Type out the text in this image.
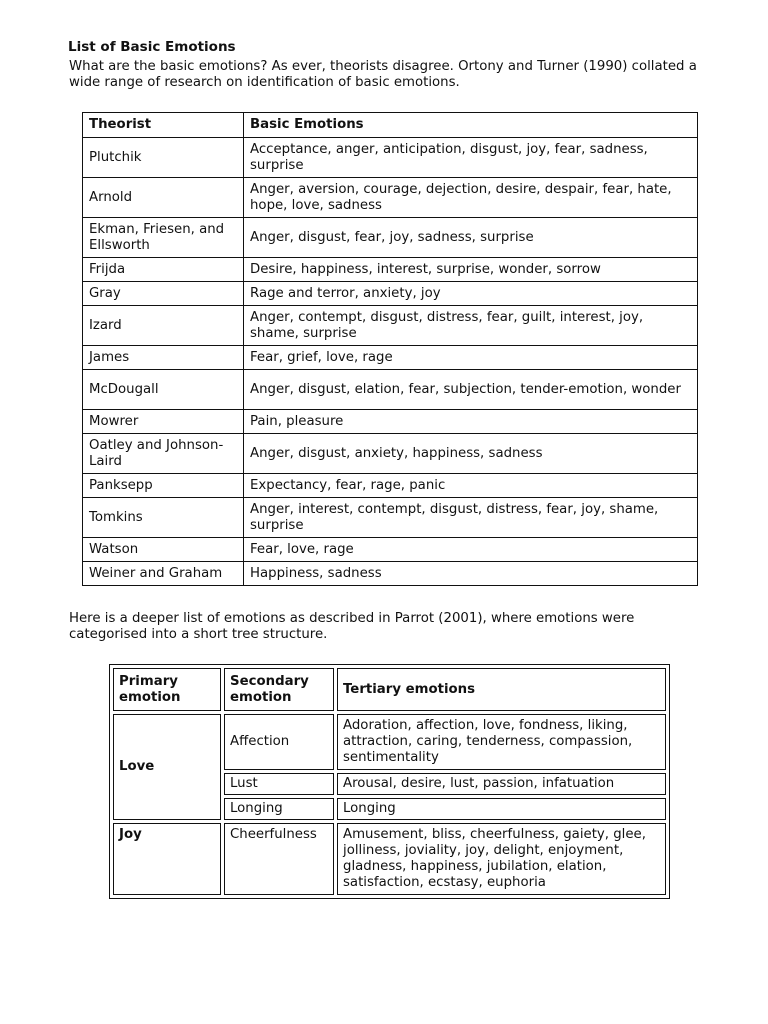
List of Basic Emotions
What are the basic emotions? As ever, theorists disagree. Ortony and Turner (1990) collated a wide range of research on identification of basic emotions.
Theorist	Basic Emotions
Plutchik	Acceptance, anger, anticipation, disgust, joy, fear, sadness, surprise
Arnold	Anger, aversion, courage, dejection, desire, despair, fear, hate, hope, love, sadness
Ekman, Friesen, and Ellsworth	Anger, disgust, fear, joy, sadness, surprise
Frijda	Desire, happiness, interest, surprise, wonder, sorrow
Gray	Rage and terror, anxiety, joy
Izard	Anger, contempt, disgust, distress, fear, guilt, interest, joy, shame, surprise
James	Fear, grief, love, rage
McDougall	Anger, disgust, elation, fear, subjection, tender-emotion, wonder
Mowrer	Pain, pleasure
Oatley and Johnson-Laird	Anger, disgust, anxiety, happiness, sadness
Panksepp	Expectancy, fear, rage, panic
Tomkins	Anger, interest, contempt, disgust, distress, fear, joy, shame, surprise
Watson	Fear, love, rage
Weiner and Graham	Happiness, sadness
Here is a deeper list of emotions as described in Parrot (2001), where emotions were categorised into a short tree structure.
Primary emotion	Secondary emotion	Tertiary emotions
Love	Affection	Adoration, affection, love, fondness, liking, attraction, caring, tenderness, compassion, sentimentality
	Lust	Arousal, desire, lust, passion, infatuation
	Longing	Longing
Joy	Cheerfulness	Amusement, bliss, cheerfulness, gaiety, glee, jolliness, joviality, joy, delight, enjoyment, gladness, happiness, jubilation, elation, satisfaction, ecstasy, euphoria
